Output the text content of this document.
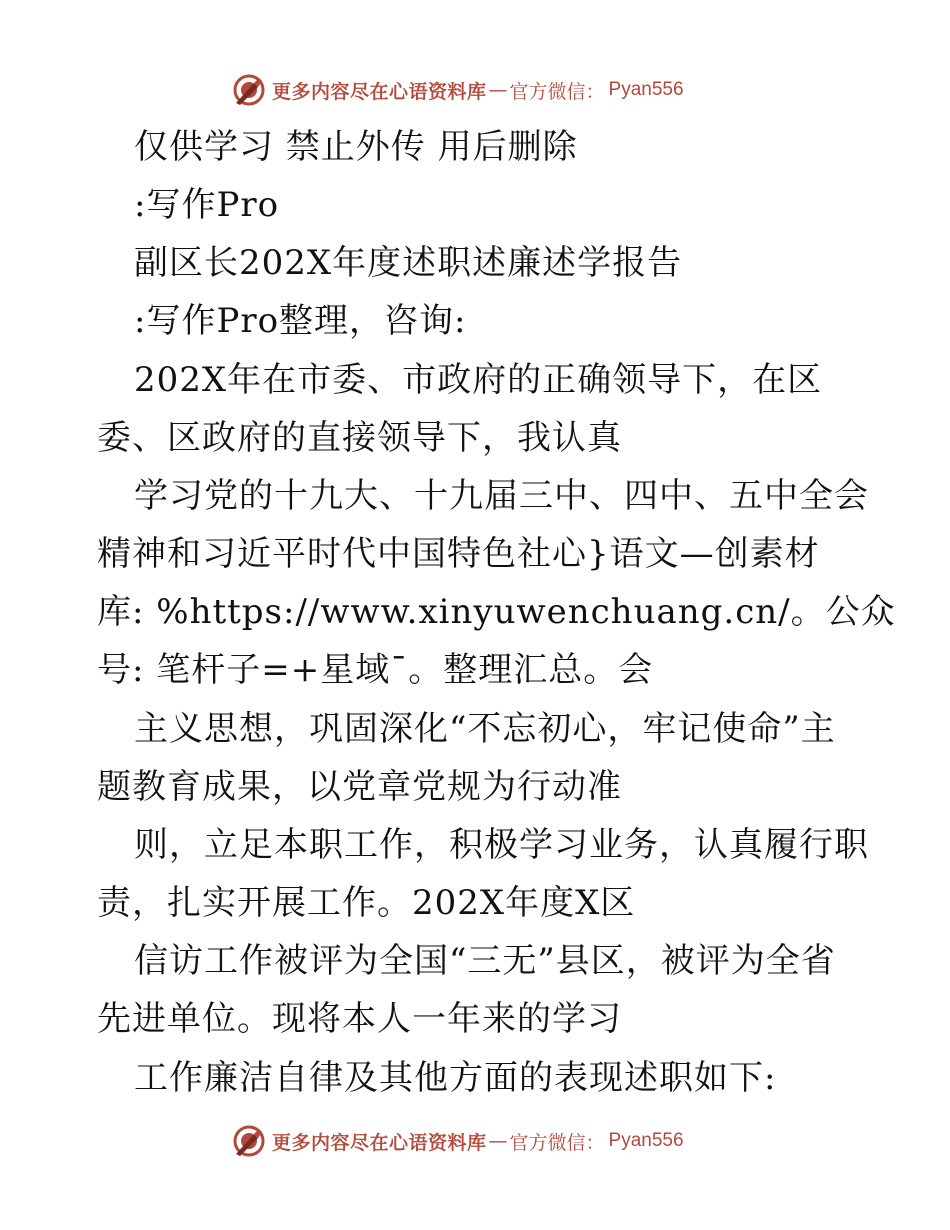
更多内容尽在心语资料库 — 官方微信： Pyan556
仅供学习 禁止外传 用后删除
:写作Pro
副区长202X年度述职述廉述学报告
:写作Pro整理，咨询:
202X年在市委、市政府的正确领导下，在区
委、区政府的直接领导下，我认真
学习党的十九大、十九届三中、四中、五中全会
精神和习近平时代中国特色社心}语文—创素材
库: %https://www.xinyuwenchuang.cn/。公众
号: 笔杆子=+星域¯。整理汇总。会
主义思想，巩固深化“不忘初心，牢记使命”主
题教育成果，以党章党规为行动准
则，立足本职工作，积极学习业务，认真履行职
责，扎实开展工作。202X年度X区
信访工作被评为全国“三无”县区，被评为全省
先进单位。现将本人一年来的学习
工作廉洁自律及其他方面的表现述职如下:
更多内容尽在心语资料库 — 官方微信： Pyan556
